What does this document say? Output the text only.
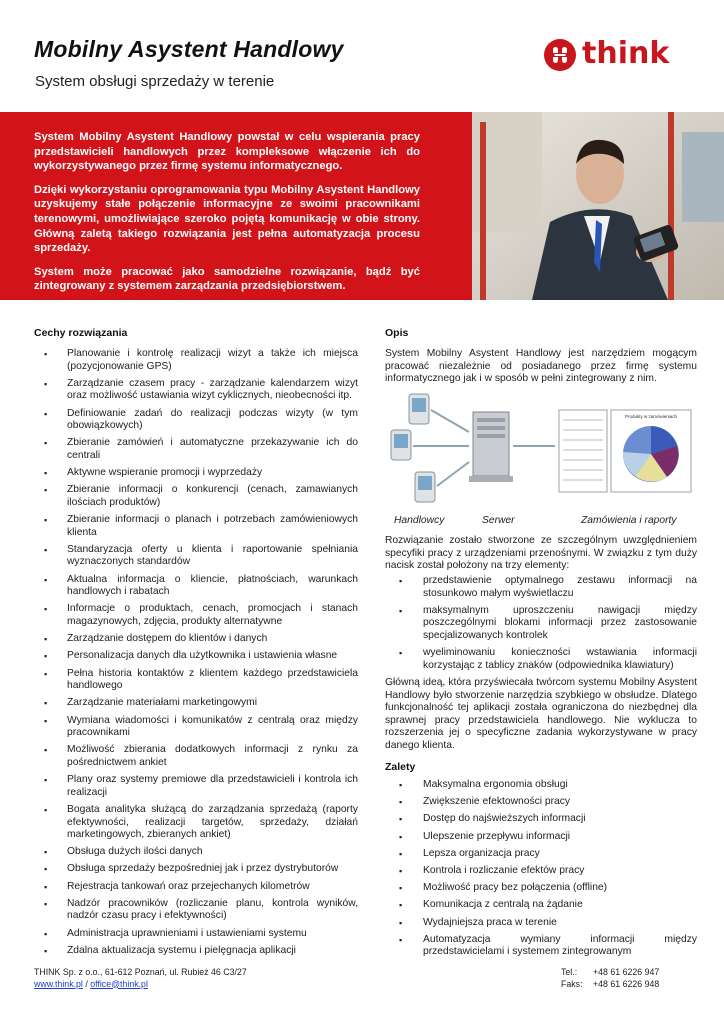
Mobilny Asystent Handlowy
System obsługi sprzedaży w terenie
think

System Mobilny Asystent Handlowy powstał w celu wspierania pracy przedstawicieli handlowych przez kompleksowe włączenie ich do wykorzystywanego przez firmę systemu informatycznego.

Dzięki wykorzystaniu oprogramowania typu Mobilny Asystent Handlowy uzyskujemy stałe połączenie informacyjne ze swoimi pracownikami terenowymi, umożliwiające szeroko pojętą komunikację w obie strony. Główną zaletą takiego rozwiązania jest pełna automatyzacja procesu sprzedaży.

System może pracować jako samodzielne rozwiązanie, bądź być zintegrowany z systemem zarządzania przedsiębiorstwem.

Cechy rozwiązania
▪ Planowanie i kontrolę realizacji wizyt a także ich miejsca (pozycjonowanie GPS)
▪ Zarządzanie czasem pracy - zarządzanie kalendarzem wizyt oraz możliwość ustawiania wizyt cyklicznych, nieobecności itp.
▪ Definiowanie zadań do realizacji podczas wizyty (w tym obowiązkowych)
▪ Zbieranie zamówień i automatyczne przekazywanie ich do centrali
▪ Aktywne wspieranie promocji i wyprzedaży
▪ Zbieranie informacji o konkurencji (cenach, zamawianych ilościach produktów)
▪ Zbieranie informacji o planach i potrzebach zamówieniowych klienta
▪ Standaryzacja oferty u klienta i raportowanie spełniania wyznaczonych standardów
▪ Aktualna informacja o kliencie, płatnościach, warunkach handlowych i rabatach
▪ Informacje o produktach, cenach, promocjach i stanach magazynowych, zdjęcia, produkty alternatywne
▪ Zarządzanie dostępem do klientów i danych
▪ Personalizacja danych dla użytkownika i ustawienia własne
▪ Pełna historia kontaktów z klientem każdego przedstawiciela handlowego
▪ Zarządzanie materiałami marketingowymi
▪ Wymiana wiadomości i komunikatów z centralą oraz między pracownikami
▪ Możliwość zbierania dodatkowych informacji z rynku za pośrednictwem ankiet
▪ Plany oraz systemy premiowe dla przedstawicieli i kontrola ich realizacji
▪ Bogata analityka służącą do zarządzania sprzedażą (raporty efektywności, realizacji targetów, sprzedaży, działań marketingowych, zbieranych ankiet)
▪ Obsługa dużych ilości danych
▪ Obsługa sprzedaży bezpośredniej jak i przez dystrybutorów
▪ Rejestracja tankowań oraz przejechanych kilometrów
▪ Nadzór pracowników (rozliczanie planu, kontrola wyników, nadzór czasu pracy i efektywności)
▪ Administracja uprawnieniami i ustawieniami systemu
▪ Zdalna aktualizacja systemu i pielęgnacja aplikacji
Opis
System Mobilny Asystent Handlowy jest narzędziem mogącym pracować niezależnie od posiadanego przez firmę systemu informatycznego jak i w sposób w pełni zintegrowany z nim.
Produkty w zamówieniach
Handlowcy	Serwer	Zamówienia i raporty
Rozwiązanie zostało stworzone ze szczególnym uwzględnieniem specyfiki pracy z urządzeniami przenośnymi. W związku z tym duży nacisk został położony na trzy elementy:
▪ przedstawienie optymalnego zestawu informacji na stosunkowo małym wyświetlaczu
▪ maksymalnym uproszczeniu nawigacji między poszczególnymi blokami informacji przez zastosowanie specjalizowanych kontrolek
▪ wyeliminowaniu konieczności wstawiania informacji korzystając z tablicy znaków (odpowiednika klawiatury)
Główną ideą, która przyświecała twórcom systemu Mobilny Asystent Handlowy było stworzenie narzędzia szybkiego w obsłudze. Dlatego funkcjonalność tej aplikacji została ograniczona do niezbędnej dla sprawnej pracy przedstawiciela handlowego. Nie wyklucza to rozszerzenia jej o specyficzne zadania wykorzystywane w pracy danego klienta.
Zalety
▪ Maksymalna ergonomia obsługi
▪ Zwiększenie efektowności pracy
▪ Dostęp do najświeższych informacji
▪ Ulepszenie przepływu informacji
▪ Lepsza organizacja pracy
▪ Kontrola i rozliczanie efektów pracy
▪ Możliwość pracy bez połączenia (offline)
▪ Komunikacja z centralą na żądanie
▪ Wydajniejsza praca w terenie
▪ Automatyzacja wymiany informacji między przedstawicielami i systemem zintegrowanym
THINK Sp. z o.o., 61-612 Poznań, ul. Rubież 46 C3/27
www.think.pl / office@think.pl
Tel.: +48 61 6226 947
Faks: +48 61 6226 948
